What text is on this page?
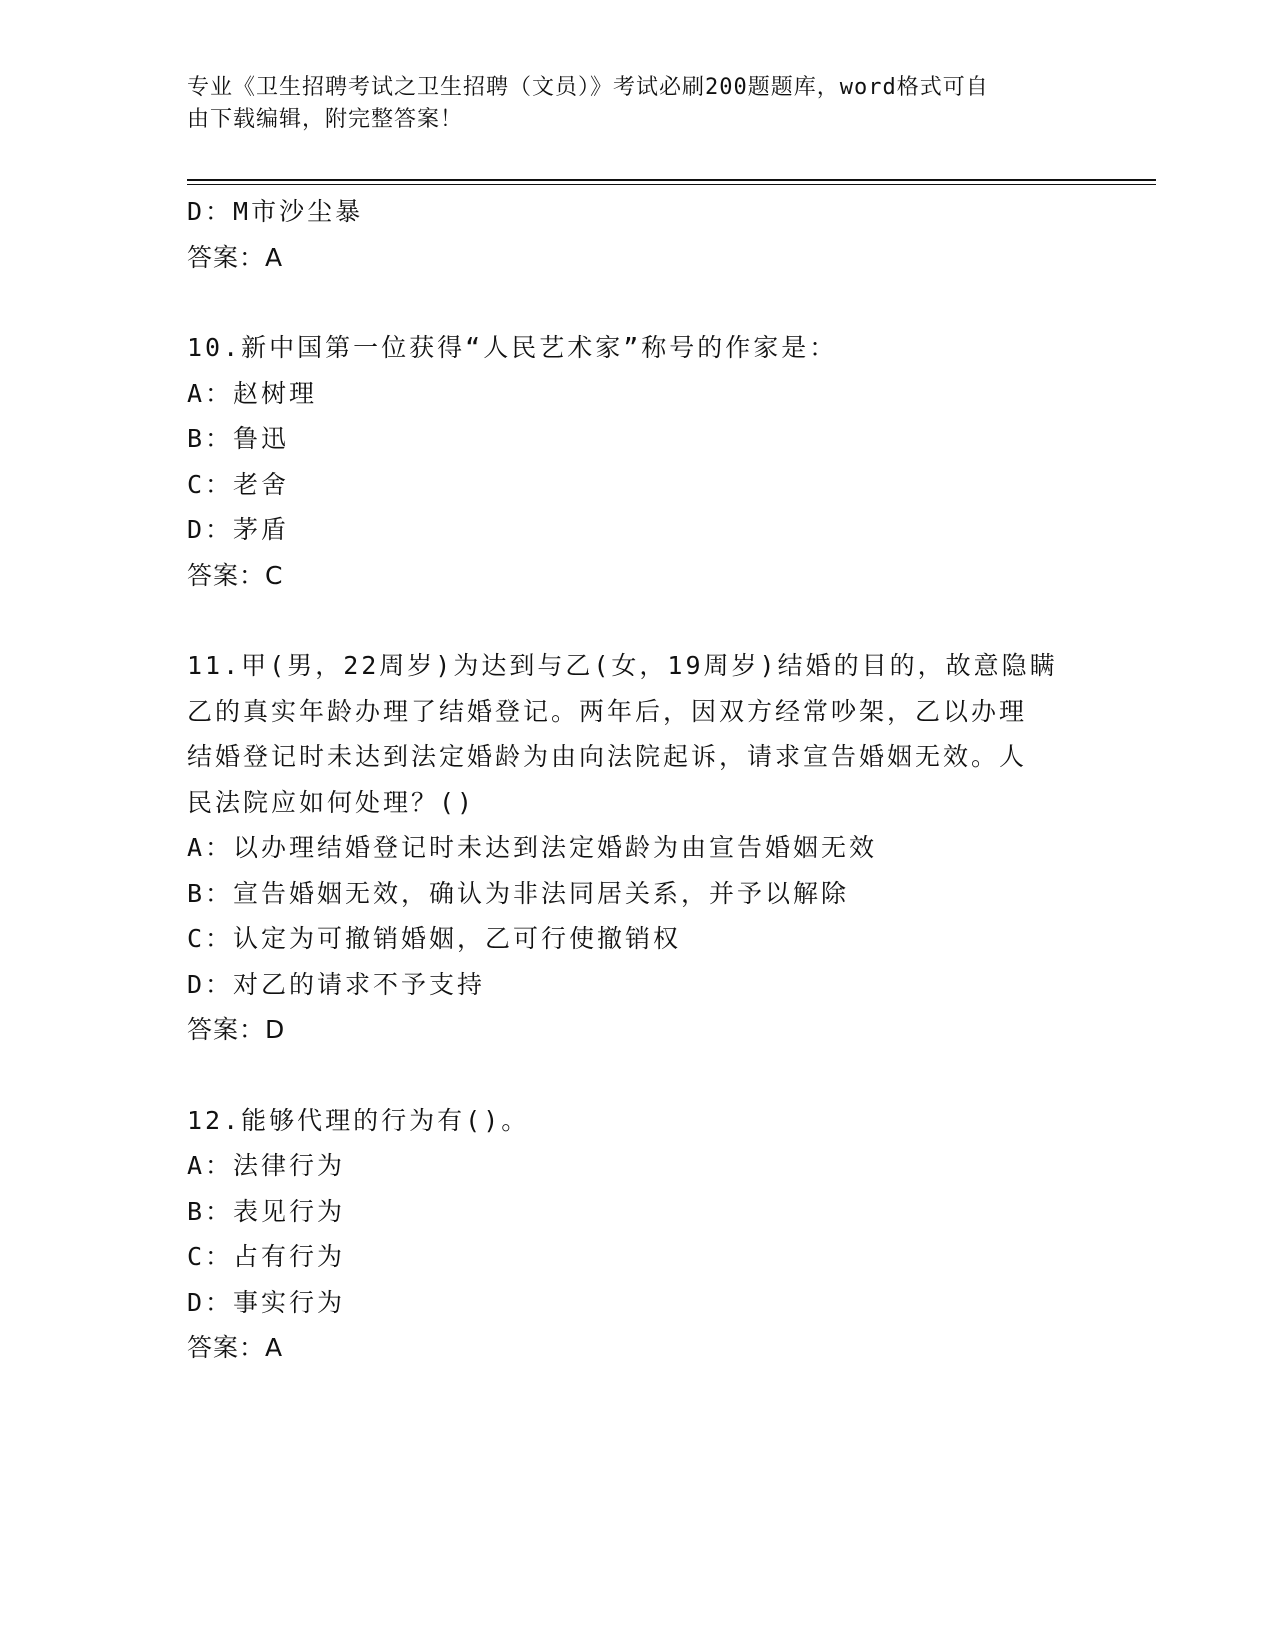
专业《卫生招聘考试之卫生招聘（文员）》考试必刷200题题库，word格式可自
由下载编辑，附完整答案！
D：M市沙尘暴
答案：A
10.新中国第一位获得“人民艺术家”称号的作家是：
A：赵树理
B：鲁迅
C：老舍
D：茅盾
答案：C
11.甲(男，22周岁)为达到与乙(女，19周岁)结婚的目的，故意隐瞒
乙的真实年龄办理了结婚登记。两年后，因双方经常吵架，乙以办理
结婚登记时未达到法定婚龄为由向法院起诉，请求宣告婚姻无效。人
民法院应如何处理？()
A：以办理结婚登记时未达到法定婚龄为由宣告婚姻无效
B：宣告婚姻无效，确认为非法同居关系，并予以解除
C：认定为可撤销婚姻，乙可行使撤销权
D：对乙的请求不予支持
答案：D
12.能够代理的行为有()。
A：法律行为
B：表见行为
C：占有行为
D：事实行为
答案：A
